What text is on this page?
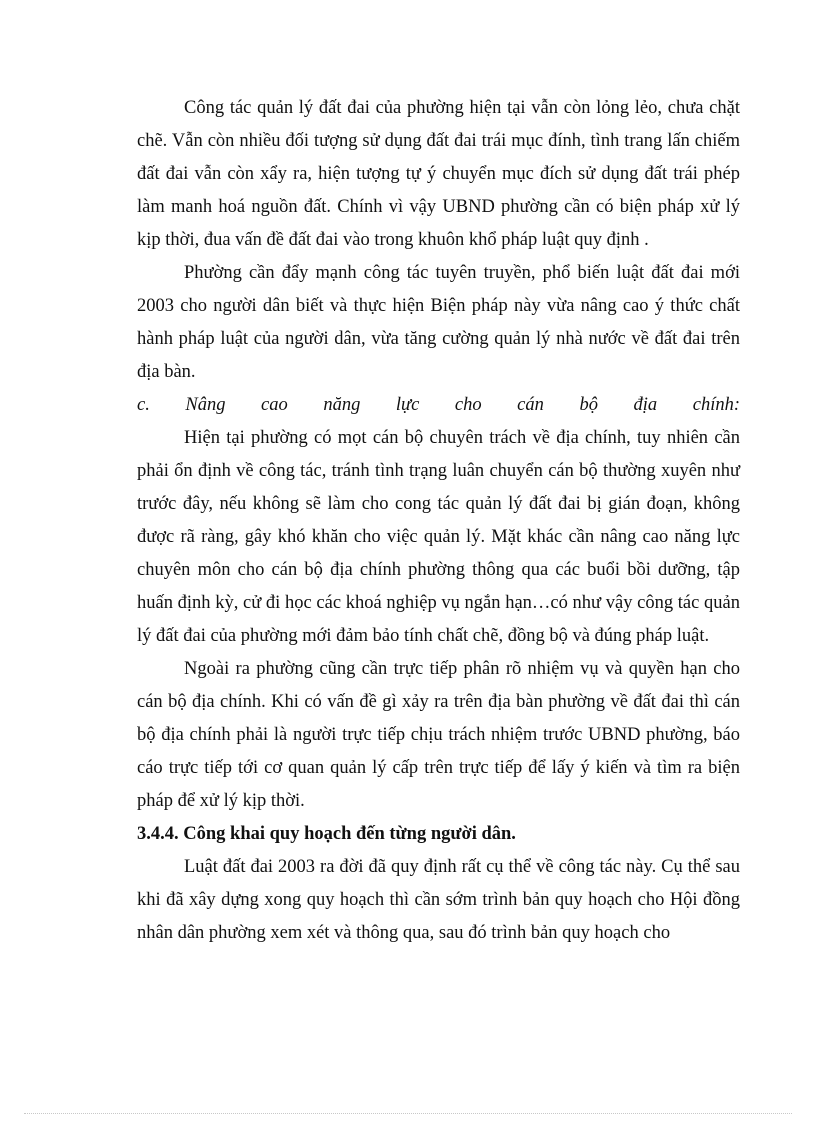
Công tác quản lý đất đai của phường hiện tại vẫn còn lỏng lẻo, chưa chặt chẽ. Vẫn còn nhiều đối tượng sử dụng đất đai trái mục đính, tình trang lấn chiếm đất đai vẫn còn xẩy ra, hiện tượng tự ý chuyển mục đích sử dụng đất trái phép làm manh hoá nguồn đất. Chính vì vậy UBND phường cần có biện pháp xử lý kịp thời, đua vấn đề đất đai vào trong khuôn khổ pháp luật quy định .

Phường cần đẩy mạnh công tác tuyên truyền, phổ biến luật đất đai mới 2003 cho người dân biết và thực hiện Biện pháp này vừa nâng cao ý thức chất hành pháp luật của người dân, vừa tăng cường quản lý nhà nước về đất đai trên địa bàn.

c. Nâng cao năng lực cho cán bộ địa chính:

Hiện tại phường có mọt cán bộ chuyên trách về địa chính, tuy nhiên cần phải ổn định về công tác, tránh tình trạng luân chuyển cán bộ thường xuyên như trước đây, nếu không sẽ làm cho cong tác quản lý đất đai bị gián đoạn, không được rã ràng, gây khó khăn cho việc quản lý. Mặt khác cần nâng cao năng lực chuyên môn cho cán bộ địa chính phường thông qua các buổi bồi dưỡng, tập huấn định kỳ, cử đi học các khoá nghiệp vụ ngắn hạn…có như vậy công tác quản lý đất đai của phường mới đảm bảo tính chất chẽ, đồng bộ và đúng pháp luật.

Ngoài ra phường cũng cần trực tiếp phân rõ nhiệm vụ và quyền hạn cho cán bộ địa chính. Khi có vấn đề gì xảy ra trên địa bàn phường về đất đai thì cán bộ địa chính phải là người trực tiếp chịu trách nhiệm trước UBND phường, báo cáo trực tiếp tới cơ quan quản lý cấp trên trực tiếp để lấy ý kiến và tìm ra biện pháp để xử lý kịp thời.

3.4.4. Công khai quy hoạch đến từng người dân.

Luật đất đai 2003 ra đời đã quy định rất cụ thể về công tác này. Cụ thể sau khi đã xây dựng xong quy hoạch thì cần sớm trình bản quy hoạch cho Hội đồng nhân dân phường xem xét và thông qua, sau đó trình bản quy hoạch cho
